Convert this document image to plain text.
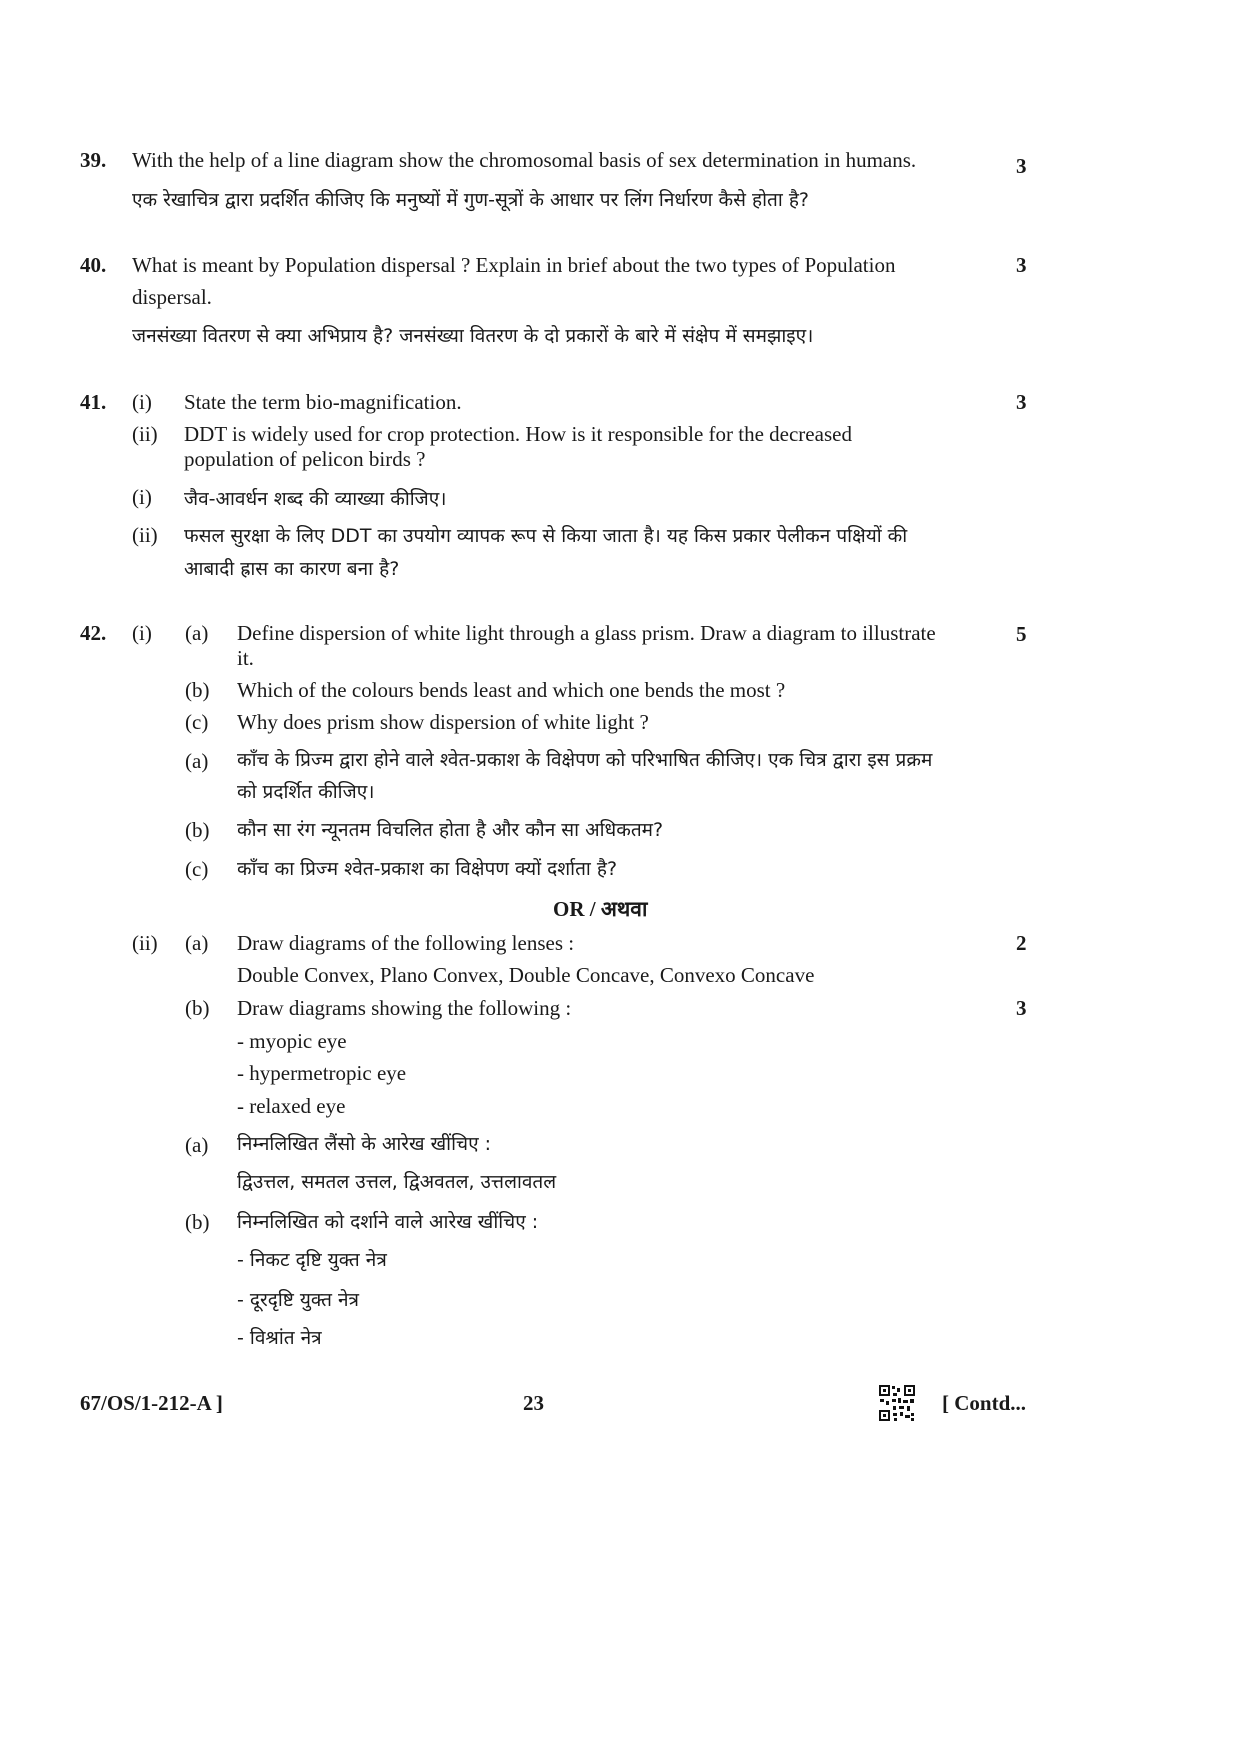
39. With the help of a line diagram show the chromosomal basis of sex determination in humans.	3
एक रेखाचित्र द्वारा प्रदर्शित कीजिए कि मनुष्यों में गुण-सूत्रों के आधार पर लिंग निर्धारण कैसे होता है?
40. What is meant by Population dispersal ? Explain in brief about the two types of Population	3
dispersal.
जनसंख्या वितरण से क्या अभिप्राय है? जनसंख्या वितरण के दो प्रकारों के बारे में संक्षेप में समझाइए।
41. (i) State the term bio-magnification.	3
(ii) DDT is widely used for crop protection. How is it responsible for the decreased
population of pelicon birds ?
(i) जैव-आवर्धन शब्द की व्याख्या कीजिए।
(ii) फसल सुरक्षा के लिए DDT का उपयोग व्यापक रूप से किया जाता है। यह किस प्रकार पेलीकन पक्षियों की
आबादी ह्रास का कारण बना है?
42. (i)	5
(a) Define dispersion of white light through a glass prism. Draw a diagram to illustrate
it.
(b) Which of the colours bends least and which one bends the most ?
(c) Why does prism show dispersion of white light ?
(a) काँच के प्रिज्म द्वारा होने वाले श्वेत-प्रकाश के विक्षेपण को परिभाषित कीजिए। एक चित्र द्वारा इस प्रक्रम
को प्रदर्शित कीजिए।
(b) कौन सा रंग न्यूनतम विचलित होता है और कौन सा अधिकतम?
(c) काँच का प्रिज्म श्वेत-प्रकाश का विक्षेपण क्यों दर्शाता है?
OR / अथवा
(ii) (a) Draw diagrams of the following lenses :	2
Double Convex, Plano Convex, Double Concave, Convexo Concave
(b) Draw diagrams showing the following :	3
- myopic eye
- hypermetropic eye
- relaxed eye
(a) निम्नलिखित लैंसो के आरेख खींचिए :
द्विउत्तल, समतल उत्तल, द्विअवतल, उत्तलावतल
(b) निम्नलिखित को दर्शाने वाले आरेख खींचिए :
- निकट दृष्टि युक्त नेत्र
- दूरदृष्टि युक्त नेत्र
- विश्रांत नेत्र
67/OS/1-212-A ]	23	[ Contd...
